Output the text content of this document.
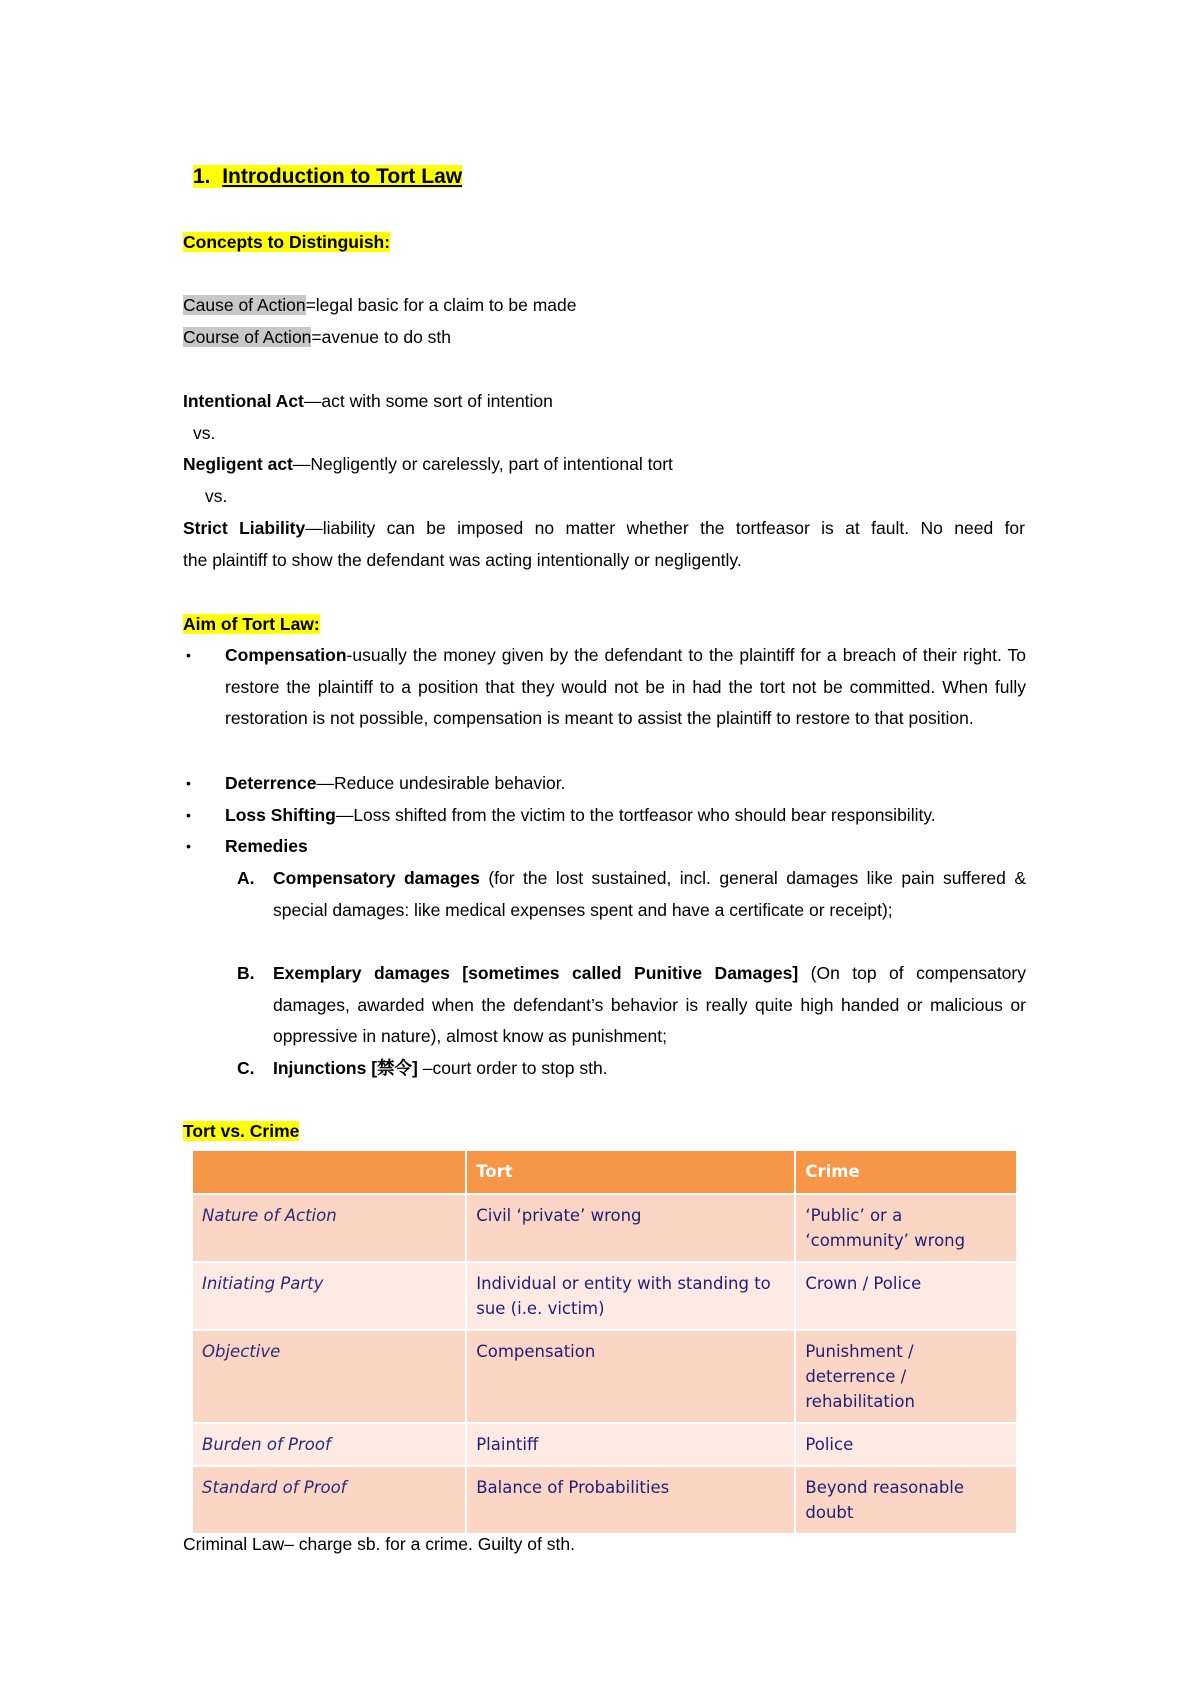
1. Introduction to Tort Law
Concepts to Distinguish:
Cause of Action=legal basic for a claim to be made
Course of Action=avenue to do sth
Intentional Act—act with some sort of intention
vs.
Negligent act—Negligently or carelessly, part of intentional tort
vs.
Strict Liability—liability can be imposed no matter whether the tortfeasor is at fault. No need for
the plaintiff to show the defendant was acting intentionally or negligently.
Aim of Tort Law:
• Compensation-usually the money given by the defendant to the plaintiff for a breach of their right. To restore the plaintiff to a position that they would not be in had the tort not be committed. When fully restoration is not possible, compensation is meant to assist the plaintiff to restore to that position.

• Deterrence—Reduce undesirable behavior.
• Loss Shifting—Loss shifted from the victim to the tortfeasor who should bear responsibility.
• Remedies
A. Compensatory damages (for the lost sustained, incl. general damages like pain suffered & special damages: like medical expenses spent and have a certificate or receipt);

B. Exemplary damages [sometimes called Punitive Damages] (On top of compensatory damages, awarded when the defendant’s behavior is really quite high handed or malicious or oppressive in nature), almost know as punishment;

C. Injunctions [禁令] –court order to stop sth.
Tort vs. Crime
	Tort	Crime
Nature of Action	Civil ‘private’ wrong	‘Public’ or a ‘community’ wrong
Initiating Party	Individual or entity with standing to sue (i.e. victim)	Crown / Police
Objective	Compensation	Punishment / deterrence / rehabilitation
Burden of Proof	Plaintiff	Police
Standard of Proof	Balance of Probabilities	Beyond reasonable doubt
Criminal Law– charge sb. for a crime. Guilty of sth.
